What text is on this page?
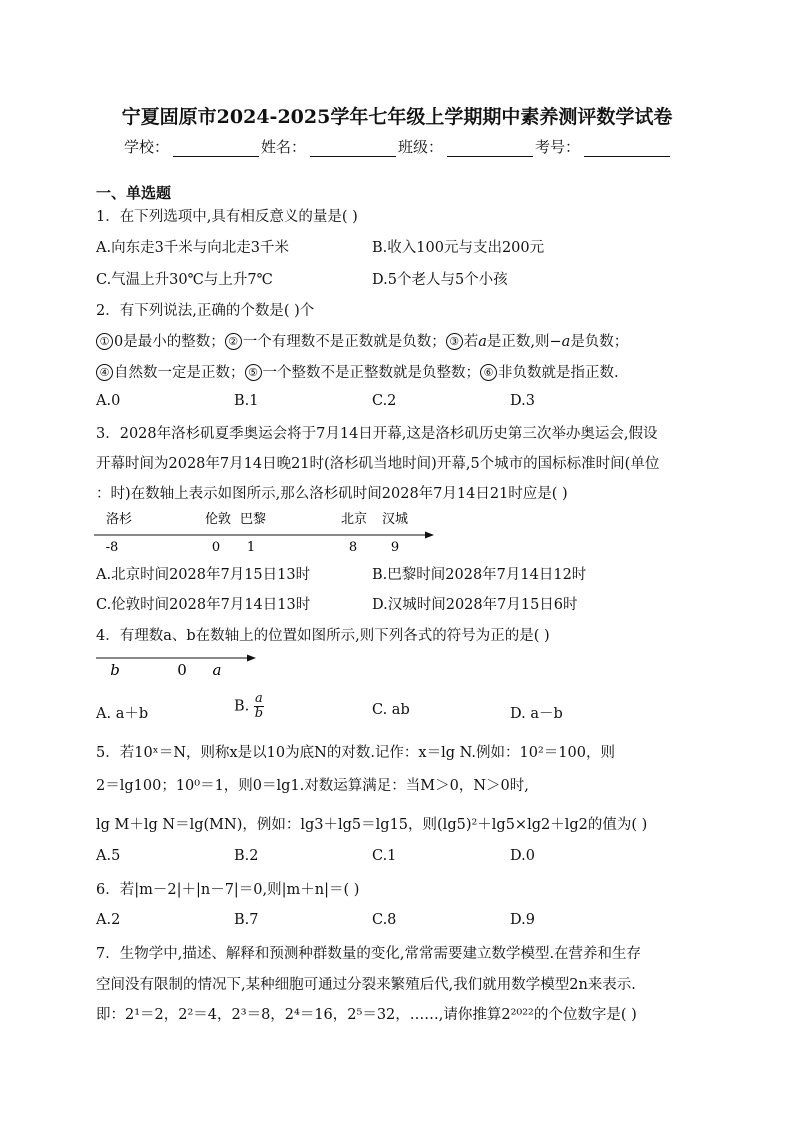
宁夏固原市2024-2025学年七年级上学期期中素养测评数学试卷
学校：	姓名：	班级：	考号：
一、单选题
1．在下列选项中,具有相反意义的量是( )
A.向东走3千米与向北走3千米	B.收入100元与支出200元
C.气温上升30℃与上升7℃	D.5个老人与5个小孩
2．有下列说法,正确的个数是( )个
① 0是最小的整数； ② 一个有理数不是正数就是负数； ③ 若a是正数,则−a是负数；
④ 自然数一定是正数； ⑤ 一个整数不是正整数就是负整数； ⑥ 非负数就是指正数.
A.0	B.1	C.2	D.3
3．2028年洛杉矶夏季奥运会将于7月14日开幕,这是洛杉矶历史第三次举办奥运会,假设
开幕时间为2028年7月14日晚21时(洛杉矶当地时间)开幕,5个城市的国标标准时间(单位
：时)在数轴上表示如图所示,那么洛杉矶时间2028年7月14日21时应是( )
洛杉	伦敦 巴黎	北京 汉城
-8	0 1	8	9
A.北京时间2028年7月15日13时	B.巴黎时间2028年7月14日12时
C.伦敦时间2028年7月14日13时	D.汉城时间2028年7月15日6时
4．有理数a、b在数轴上的位置如图所示,则下列各式的符号为正的是( )
b	0 a
A. a＋b	B. $\frac{a}{b}$	C. ab	D. a－b
5．若10ˣ＝N，则称x是以10为底N的对数.记作：x＝lg N.例如：10²＝100，则
2＝lg100；10⁰＝1，则0＝lg1.对数运算满足：当M＞0，N＞0时,
lg M＋lg N＝lg(MN)，例如：lg3＋lg5＝lg15，则(lg5)²＋lg5×lg2＋lg2的值为( )
A.5	B.2	C.1	D.0
6．若|m－2|＋|n－7|＝0,则|m＋n|＝( )
A.2	B.7	C.8	D.9
7．生物学中,描述、解释和预测种群数量的变化,常常需要建立数学模型.在营养和生存
空间没有限制的情况下,某种细胞可通过分裂来繁殖后代,我们就用数学模型2n来表示.
即：2¹＝2，2²＝4，2³＝8，2⁴＝16，2⁵＝32，……,请你推算2²⁰²²的个位数字是( )
